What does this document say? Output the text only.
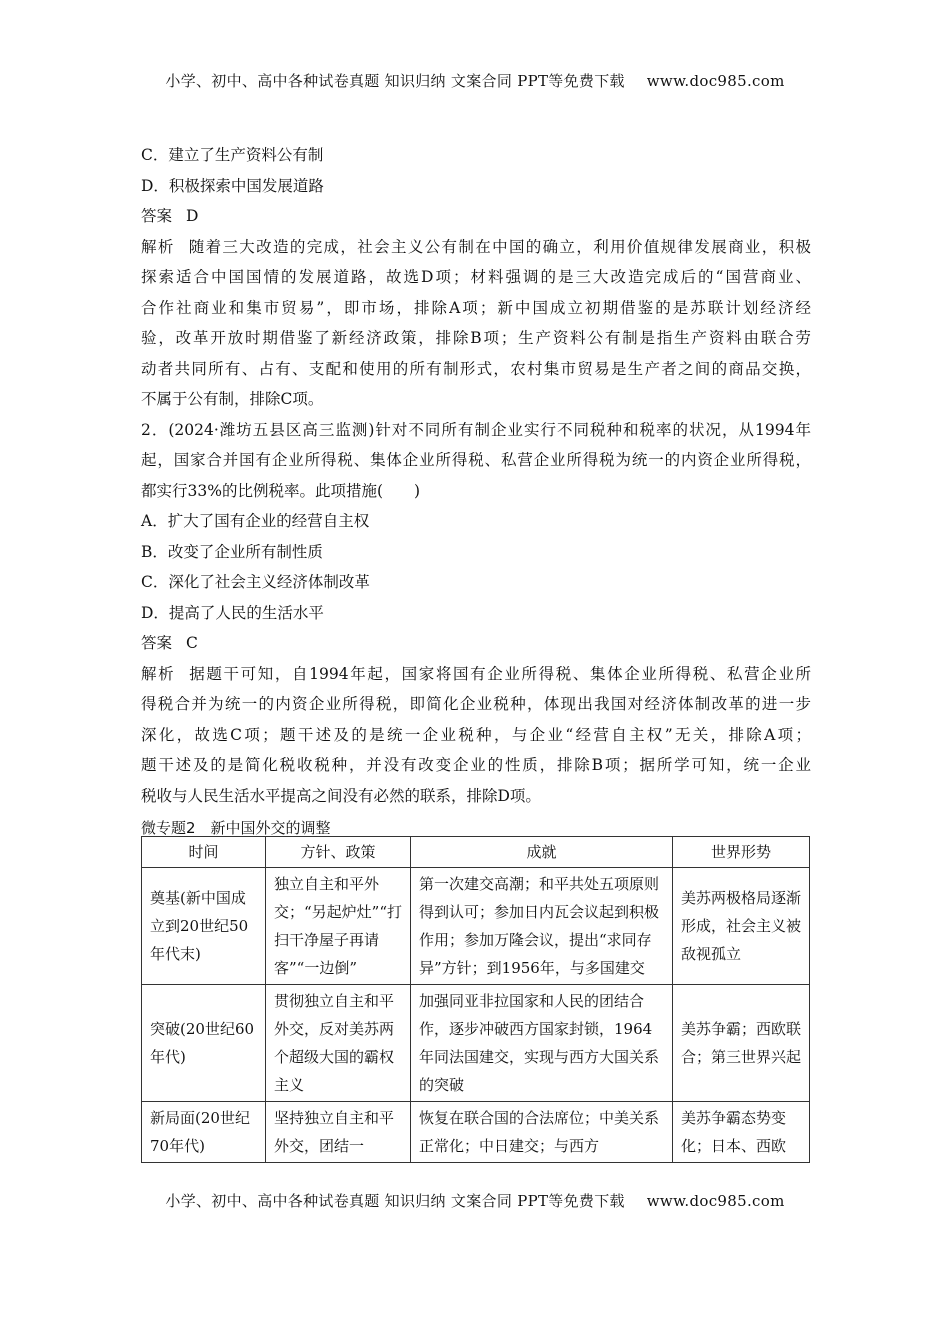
小学、初中、高中各种试卷真题 知识归纳 文案合同 PPT等免费下载 www.doc985.com
C．建立了生产资料公有制
D．积极探索中国发展道路
答案 D
解析 随着三大改造的完成，社会主义公有制在中国的确立，利用价值规律发展商业，积极
探索适合中国国情的发展道路，故选D项；材料强调的是三大改造完成后的“国营商业、
合作社商业和集市贸易”，即市场，排除A项；新中国成立初期借鉴的是苏联计划经济经
验，改革开放时期借鉴了新经济政策，排除B项；生产资料公有制是指生产资料由联合劳
动者共同所有、占有、支配和使用的所有制形式，农村集市贸易是生产者之间的商品交换，
不属于公有制，排除C项。
2．(2024·潍坊五县区高三监测)针对不同所有制企业实行不同税种和税率的状况，从1994年
起，国家合并国有企业所得税、集体企业所得税、私营企业所得税为统一的内资企业所得税，
都实行33%的比例税率。此项措施(　　)
A．扩大了国有企业的经营自主权
B．改变了企业所有制性质
C．深化了社会主义经济体制改革
D．提高了人民的生活水平
答案 C
解析 据题干可知，自1994年起，国家将国有企业所得税、集体企业所得税、私营企业所
得税合并为统一的内资企业所得税，即简化企业税种，体现出我国对经济体制改革的进一步
深化，故选C项；题干述及的是统一企业税种，与企业“经营自主权”无关，排除A项；
题干述及的是简化税收税种，并没有改变企业的性质，排除B项；据所学可知，统一企业
税收与人民生活水平提高之间没有必然的联系，排除D项。
微专题2　新中国外交的调整
时间	方针、政策	成就	世界形势
奠基(新中国成立到20世纪50年代末)	独立自主和平外交；“另起炉灶”“打扫干净屋子再请客”“一边倒”	第一次建交高潮；和平共处五项原则得到认可；参加日内瓦会议起到积极作用；参加万隆会议，提出“求同存异”方针；到1956年，与多国建交	美苏两极格局逐渐形成，社会主义被敌视孤立
突破(20世纪60年代)	贯彻独立自主和平外交，反对美苏两个超级大国的霸权主义	加强同亚非拉国家和人民的团结合作，逐步冲破西方国家封锁，1964年同法国建交，实现与西方大国关系的突破	美苏争霸；西欧联合；第三世界兴起
新局面(20世纪70年代)	坚持独立自主和平外交，团结一	恢复在联合国的合法席位；中美关系正常化；中日建交；与西方	美苏争霸态势变化；日本、西欧
小学、初中、高中各种试卷真题 知识归纳 文案合同 PPT等免费下载 www.doc985.com
